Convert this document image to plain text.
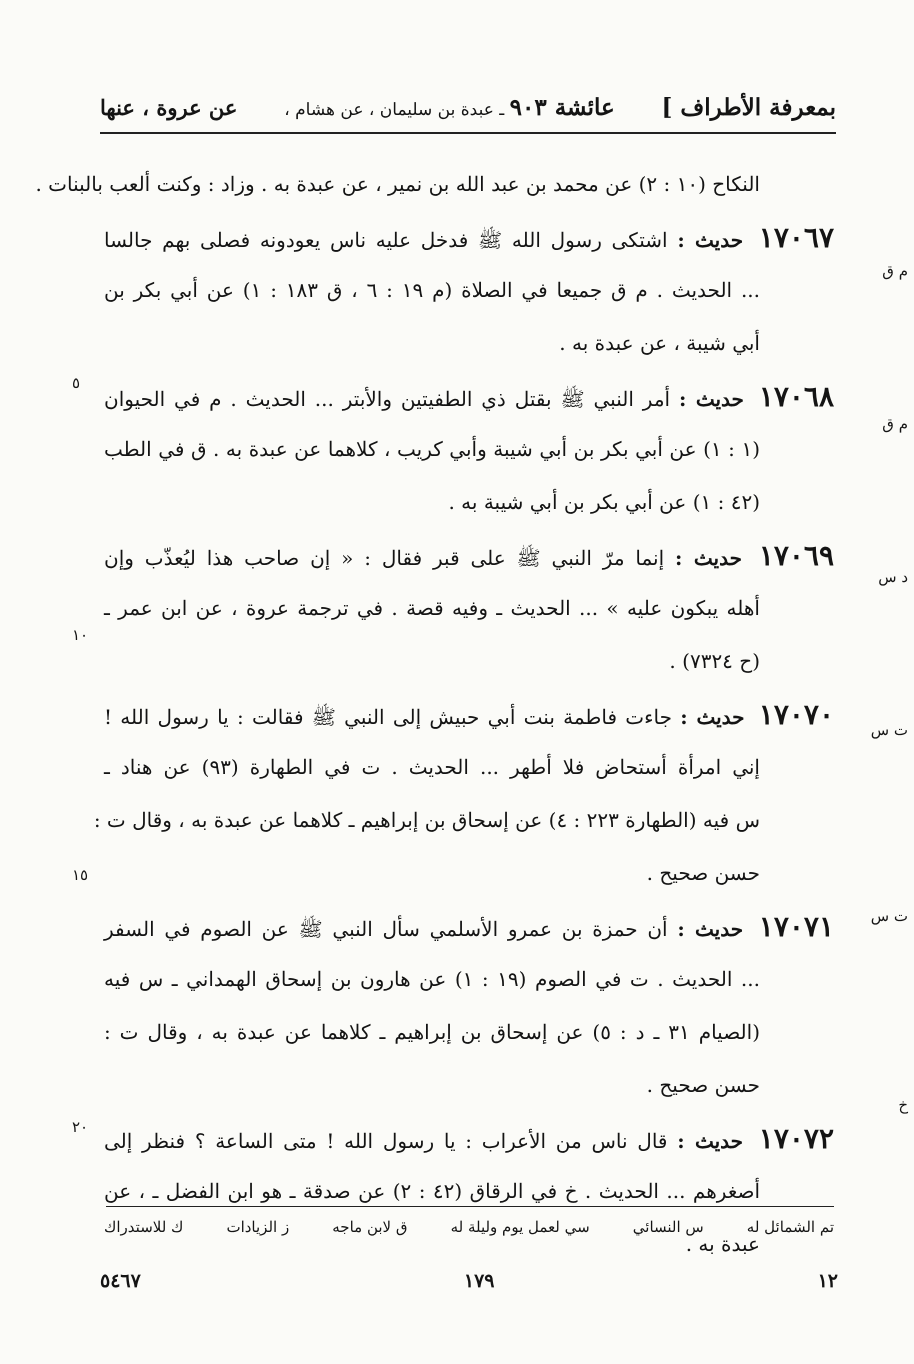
بمعرفة الأطراف ]
عائشة ٩٠٣ ـ عبدة بن سليمان ، عن هشام ،
عن عروة ، عنها
النكاح (١٠ : ٢) عن محمد بن عبد الله بن نمير ، عن عبدة به . وزاد : وكنت ألعب بالبنات .
١٧٠٦٧ حديث : اشتكى رسول الله ﷺ فدخل عليه ناس يعودونه فصلى بهم جالسا
... الحديث . م ق جميعا في الصلاة (م ١٩ : ٦ ، ق ١٨٣ : ١) عن أبي بكر بن
أبي شيبة ، عن عبدة به .
١٧٠٦٨ حديث : أمر النبي ﷺ بقتل ذي الطفيتين والأبتر ... الحديث . م في الحيوان
(١ : ١) عن أبي بكر بن أبي شيبة وأبي كريب ، كلاهما عن عبدة به . ق في الطب
(٤٢ : ١) عن أبي بكر بن أبي شيبة به .
١٧٠٦٩ حديث : إنما مرّ النبي ﷺ على قبر فقال : « إن صاحب هذا ليُعذّب وإن
أهله يبكون عليه » ... الحديث ـ وفيه قصة . في ترجمة عروة ، عن ابن عمر ـ
(ح ٧٣٢٤) .
١٧٠٧٠ حديث : جاءت فاطمة بنت أبي حبيش إلى النبي ﷺ فقالت : يا رسول الله !
إني امرأة أستحاض فلا أطهر ... الحديث . ت في الطهارة (٩٣) عن هناد ـ
س فيه (الطهارة ٢٢٣ : ٤) عن إسحاق بن إبراهيم ـ كلاهما عن عبدة به ، وقال ت :
حسن صحيح .
١٧٠٧١ حديث : أن حمزة بن عمرو الأسلمي سأل النبي ﷺ عن الصوم في السفر
... الحديث . ت في الصوم (١٩ : ١) عن هارون بن إسحاق الهمداني ـ س فيه
(الصيام ٣١ ـ د : ٥) عن إسحاق بن إبراهيم ـ كلاهما عن عبدة به ، وقال ت :
حسن صحيح .
١٧٠٧٢ حديث : قال ناس من الأعراب : يا رسول الله ! متى الساعة ؟ فنظر إلى
أصغرهم ... الحديث . خ في الرقاق (٤٢ : ٢) عن صدقة ـ هو ابن الفضل ـ ، عن
عبدة به .
م ق
م ق
د س
ت س
ت س
خ
٥
١٠
١٥
٢٠
تم الشمائل له
س النسائي
سي لعمل يوم وليلة له
ق لابن ماجه
ز الزيادات
ك للاستدراك
١٢
١٧٩
٥٤٦٧
